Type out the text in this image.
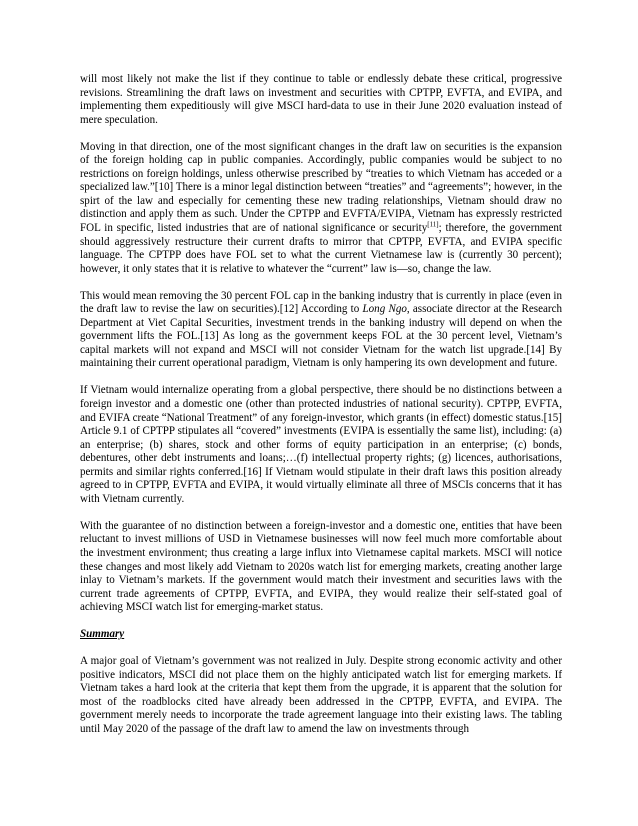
will most likely not make the list if they continue to table or endlessly debate these critical, progressive revisions. Streamlining the draft laws on investment and securities with CPTPP, EVFTA, and EVIPA, and implementing them expeditiously will give MSCI hard-data to use in their June 2020 evaluation instead of mere speculation.

Moving in that direction, one of the most significant changes in the draft law on securities is the expansion of the foreign holding cap in public companies. Accordingly, public companies would be subject to no restrictions on foreign holdings, unless otherwise prescribed by “treaties to which Vietnam has acceded or a specialized law.”[10] There is a minor legal distinction between “treaties” and “agreements”; however, in the spirt of the law and especially for cementing these new trading relationships, Vietnam should draw no distinction and apply them as such. Under the CPTPP and EVFTA/EVIPA, Vietnam has expressly restricted FOL in specific, listed industries that are of national significance or security[11]; therefore, the government should aggressively restructure their current drafts to mirror that CPTPP, EVFTA, and EVIPA specific language. The CPTPP does have FOL set to what the current Vietnamese law is (currently 30 percent); however, it only states that it is relative to whatever the “current” law is—so, change the law.

This would mean removing the 30 percent FOL cap in the banking industry that is currently in place (even in the draft law to revise the law on securities).[12] According to Long Ngo, associate director at the Research Department at Viet Capital Securities, investment trends in the banking industry will depend on when the government lifts the FOL.[13] As long as the government keeps FOL at the 30 percent level, Vietnam’s capital markets will not expand and MSCI will not consider Vietnam for the watch list upgrade.[14] By maintaining their current operational paradigm, Vietnam is only hampering its own development and future.

If Vietnam would internalize operating from a global perspective, there should be no distinctions between a foreign investor and a domestic one (other than protected industries of national security). CPTPP, EVFTA, and EVIFA create “National Treatment” of any foreign-investor, which grants (in effect) domestic status.[15] Article 9.1 of CPTPP stipulates all “covered” investments (EVIPA is essentially the same list), including: (a) an enterprise; (b) shares, stock and other forms of equity participation in an enterprise; (c) bonds, debentures, other debt instruments and loans;…(f) intellectual property rights; (g) licences, authorisations, permits and similar rights conferred.[16] If Vietnam would stipulate in their draft laws this position already agreed to in CPTPP, EVFTA and EVIPA, it would virtually eliminate all three of MSCIs concerns that it has with Vietnam currently.

With the guarantee of no distinction between a foreign-investor and a domestic one, entities that have been reluctant to invest millions of USD in Vietnamese businesses will now feel much more comfortable about the investment environment; thus creating a large influx into Vietnamese capital markets. MSCI will notice these changes and most likely add Vietnam to 2020s watch list for emerging markets, creating another large inlay to Vietnam’s markets. If the government would match their investment and securities laws with the current trade agreements of CPTPP, EVFTA, and EVIPA, they would realize their self-stated goal of achieving MSCI watch list for emerging-market status.

Summary

A major goal of Vietnam’s government was not realized in July. Despite strong economic activity and other positive indicators, MSCI did not place them on the highly anticipated watch list for emerging markets. If Vietnam takes a hard look at the criteria that kept them from the upgrade, it is apparent that the solution for most of the roadblocks cited have already been addressed in the CPTPP, EVFTA, and EVIPA. The government merely needs to incorporate the trade agreement language into their existing laws. The tabling until May 2020 of the passage of the draft law to amend the law on investments through
